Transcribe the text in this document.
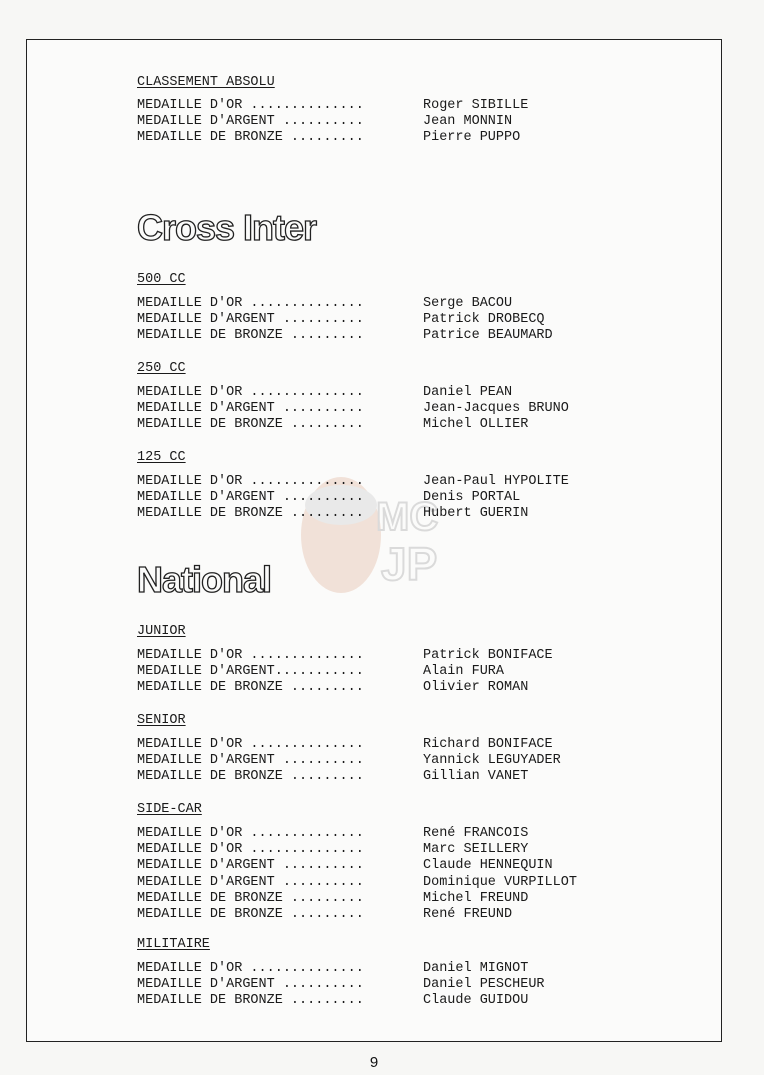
Cross Inter
National
MC
JP
CLASSEMENT ABSOLU
MEDAILLE D'OR ..............	Roger SIBILLE
MEDAILLE D'ARGENT ..........	Jean MONNIN
MEDAILLE DE BRONZE .........	Pierre PUPPO
500 CC
MEDAILLE D'OR ..............	Serge BACOU
MEDAILLE D'ARGENT ..........	Patrick DROBECQ
MEDAILLE DE BRONZE .........	Patrice BEAUMARD
250 CC
MEDAILLE D'OR ..............	Daniel PEAN
MEDAILLE D'ARGENT ..........	Jean-Jacques BRUNO
MEDAILLE DE BRONZE .........	Michel OLLIER
125 CC
MEDAILLE D'OR ..............	Jean-Paul HYPOLITE
MEDAILLE D'ARGENT ..........	Denis PORTAL
MEDAILLE DE BRONZE .........	Hubert GUERIN
JUNIOR
MEDAILLE D'OR ..............	Patrick BONIFACE
MEDAILLE D'ARGENT...........	Alain FURA
MEDAILLE DE BRONZE .........	Olivier ROMAN
SENIOR
MEDAILLE D'OR ..............	Richard BONIFACE
MEDAILLE D'ARGENT ..........	Yannick LEGUYADER
MEDAILLE DE BRONZE .........	Gillian VANET
SIDE-CAR
MEDAILLE D'OR ..............	René FRANCOIS
MEDAILLE D'OR ..............	Marc SEILLERY
MEDAILLE D'ARGENT ..........	Claude HENNEQUIN
MEDAILLE D'ARGENT ..........	Dominique VURPILLOT
MEDAILLE DE BRONZE .........	Michel FREUND
MEDAILLE DE BRONZE .........	René FREUND
MILITAIRE
MEDAILLE D'OR ..............	Daniel MIGNOT
MEDAILLE D'ARGENT ..........	Daniel PESCHEUR
MEDAILLE DE BRONZE .........	Claude GUIDOU
9
